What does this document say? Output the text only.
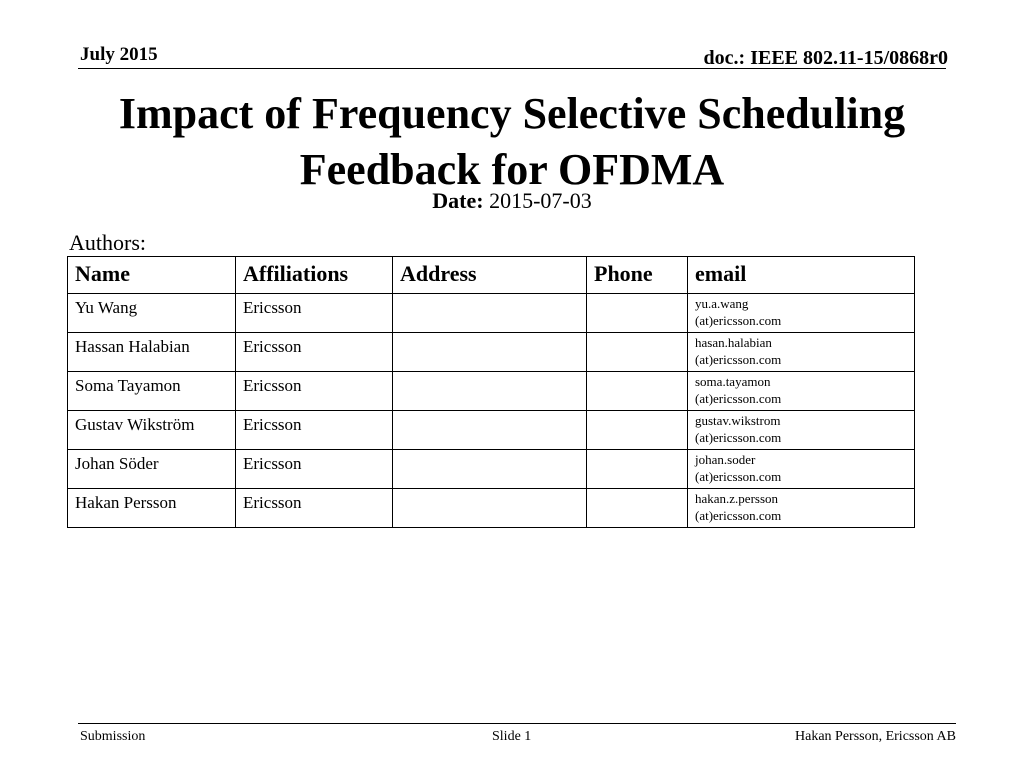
July 2015	doc.: IEEE 802.11-15/0868r0
Impact of Frequency Selective Scheduling
Feedback for OFDMA
Date: 2015-07-03
Authors:
Name	Affiliations	Address	Phone	email
Yu Wang	Ericsson			yu.a.wang
(at)ericsson.com

Hassan Halabian	Ericsson			hasan.halabian
(at)ericsson.com

Soma Tayamon	Ericsson			soma.tayamon
(at)ericsson.com

Gustav Wikström	Ericsson			gustav.wikstrom
(at)ericsson.com

Johan Söder	Ericsson			johan.soder
(at)ericsson.com

Hakan Persson	Ericsson			hakan.z.persson
(at)ericsson.com
Submission	Slide 1	Hakan Persson, Ericsson AB
